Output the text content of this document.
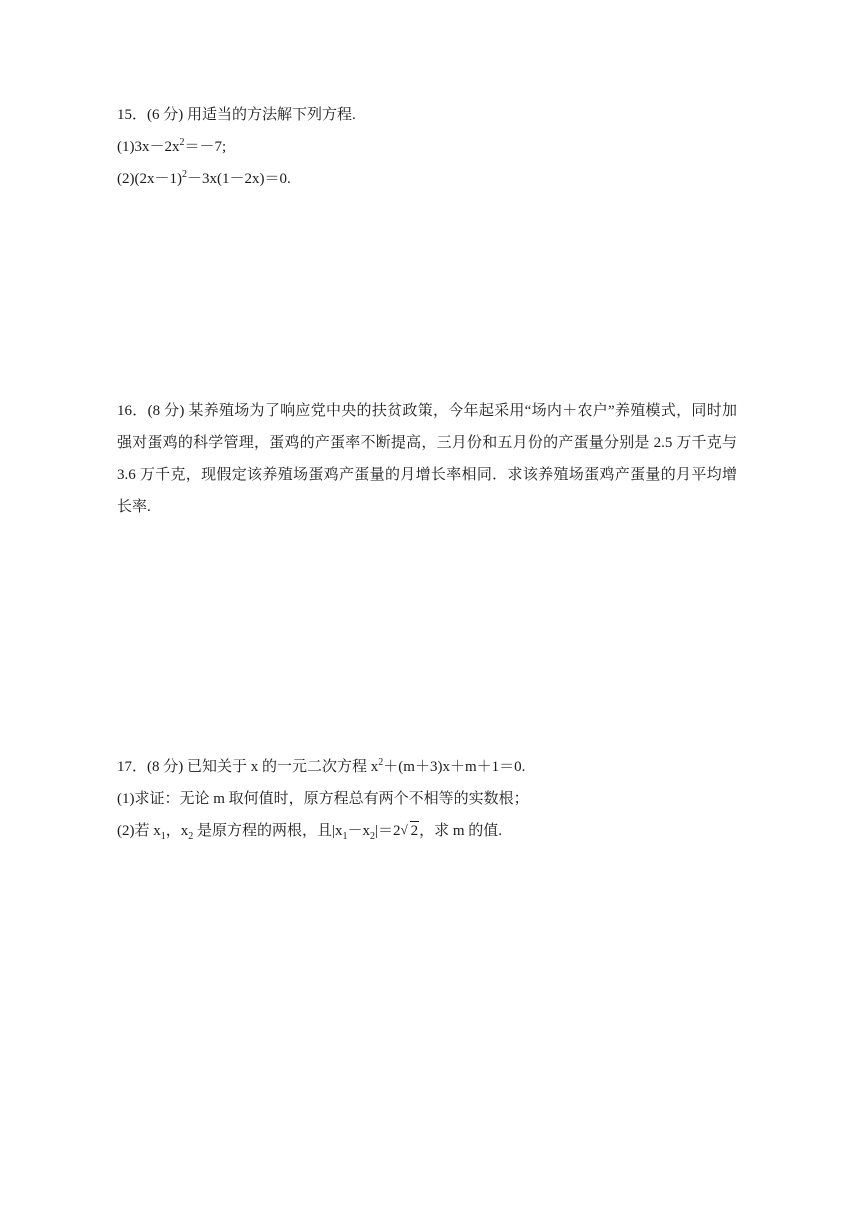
15．(6 分) 用适当的方法解下列方程.
$(1)3x-2x^2=-7$;
$(2)(2x-1)^2-3x(1-2x)=0$.
16．(8 分) 某养殖场为了响应党中央的扶贫政策，今年起采用“场内＋农户”养殖模式，同时加强对蛋鸡的科学管理，蛋鸡的产蛋率不断提高，三月份和五月份的产蛋量分别是 2.5 万千克与 3.6 万千克，现假定该养殖场蛋鸡产蛋量的月增长率相同．求该养殖场蛋鸡产蛋量的月平均增长率.
17．(8 分) 已知关于 x 的一元二次方程 $x^2+(m+3)x+m+1=0$.
(1)求证：无论 m 取何值时，原方程总有两个不相等的实数根；
(2)若 $x_1$，$x_2$ 是原方程的两根，且$|x_1-x_2|=2$ √ 2，求 m 的值.
